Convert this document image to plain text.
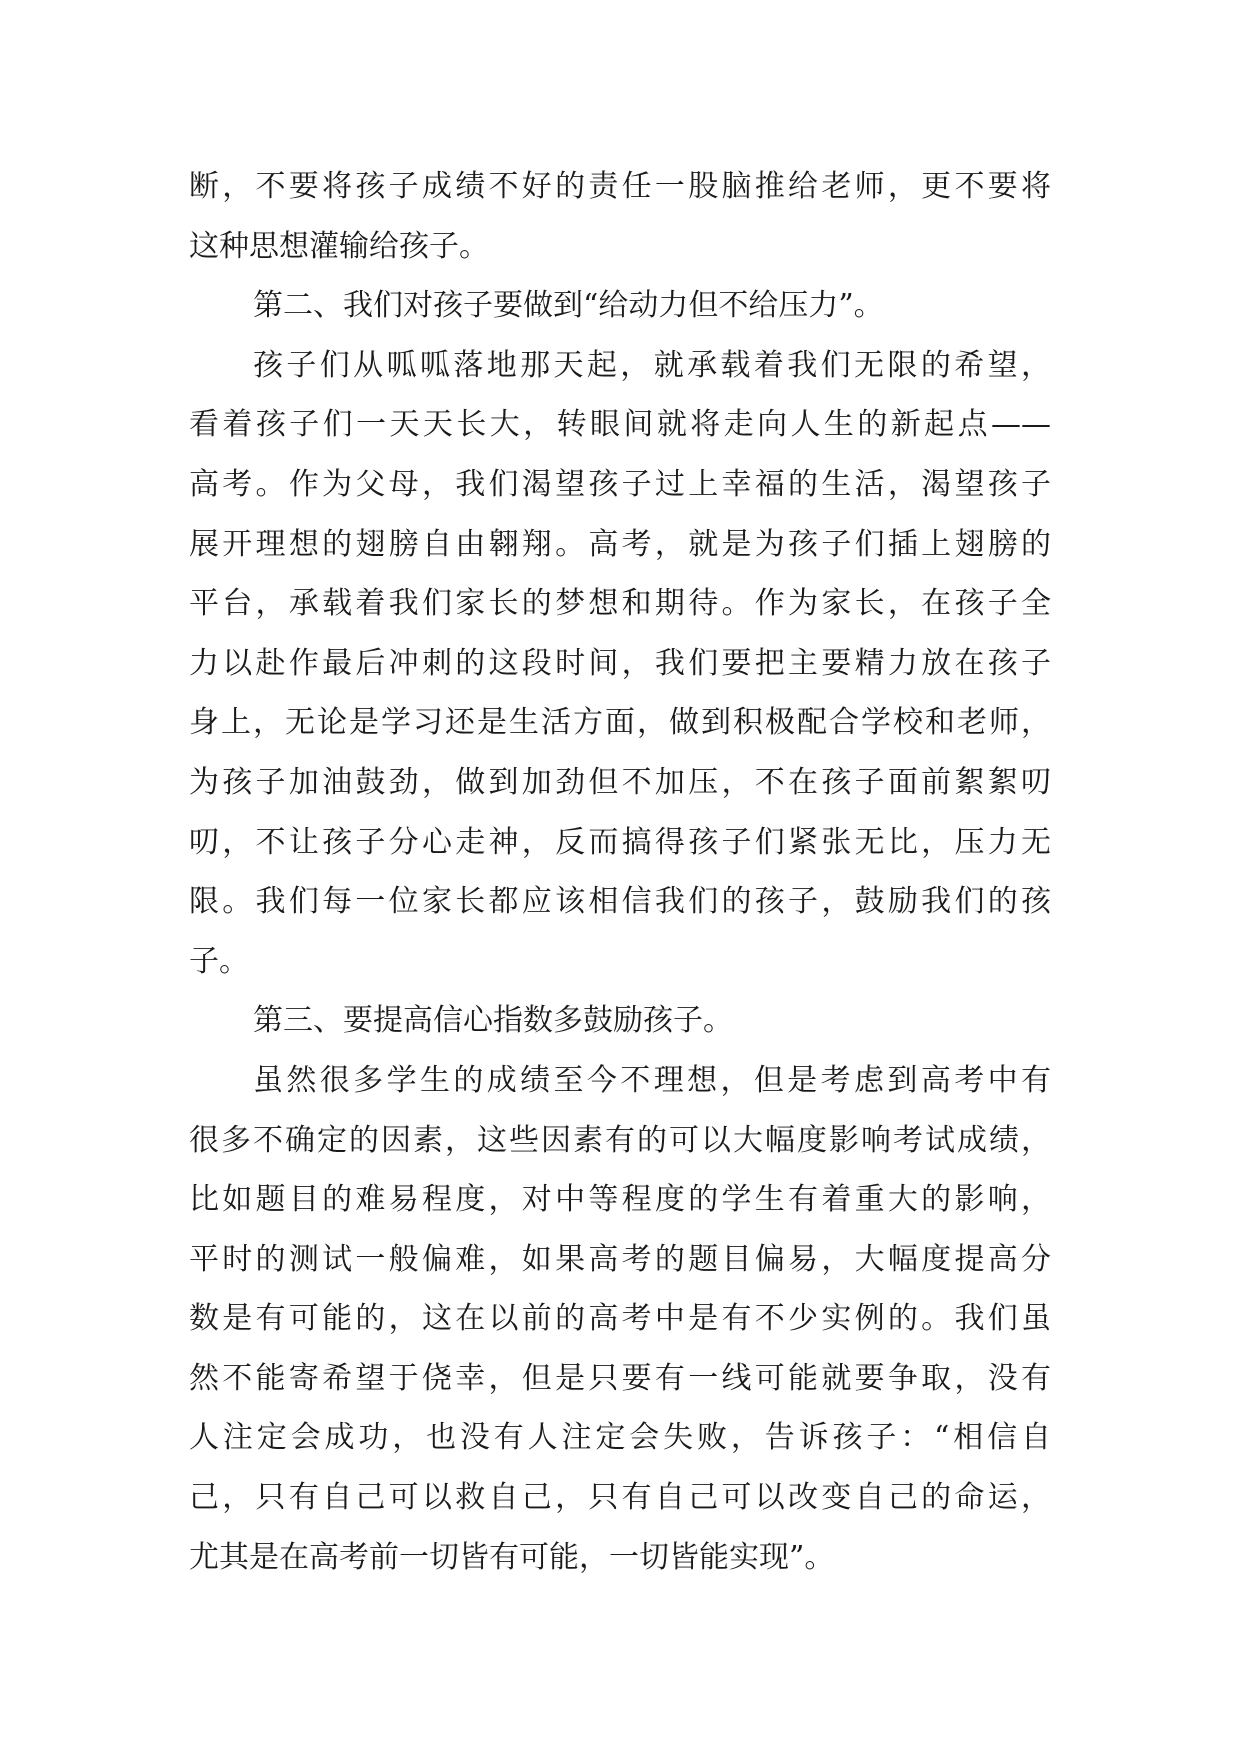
断，不要将孩子成绩不好的责任一股脑推给老师，更不要将
这种思想灌输给孩子。
第二、我们对孩子要做到“给动力但不给压力”。
孩子们从呱呱落地那天起，就承载着我们无限的希望，
看着孩子们一天天长大，转眼间就将走向人生的新起点——
高考。作为父母，我们渴望孩子过上幸福的生活，渴望孩子
展开理想的翅膀自由翱翔。高考，就是为孩子们插上翅膀的
平台，承载着我们家长的梦想和期待。作为家长，在孩子全
力以赴作最后冲刺的这段时间，我们要把主要精力放在孩子
身上，无论是学习还是生活方面，做到积极配合学校和老师，
为孩子加油鼓劲，做到加劲但不加压，不在孩子面前絮絮叨
叨，不让孩子分心走神，反而搞得孩子们紧张无比，压力无
限。我们每一位家长都应该相信我们的孩子，鼓励我们的孩
子。
第三、要提高信心指数多鼓励孩子。
虽然很多学生的成绩至今不理想，但是考虑到高考中有
很多不确定的因素，这些因素有的可以大幅度影响考试成绩，
比如题目的难易程度，对中等程度的学生有着重大的影响，
平时的测试一般偏难，如果高考的题目偏易，大幅度提高分
数是有可能的，这在以前的高考中是有不少实例的。我们虽
然不能寄希望于侥幸，但是只要有一线可能就要争取，没有
人注定会成功，也没有人注定会失败，告诉孩子：“相信自
己，只有自己可以救自己，只有自己可以改变自己的命运，
尤其是在高考前一切皆有可能，一切皆能实现”。
